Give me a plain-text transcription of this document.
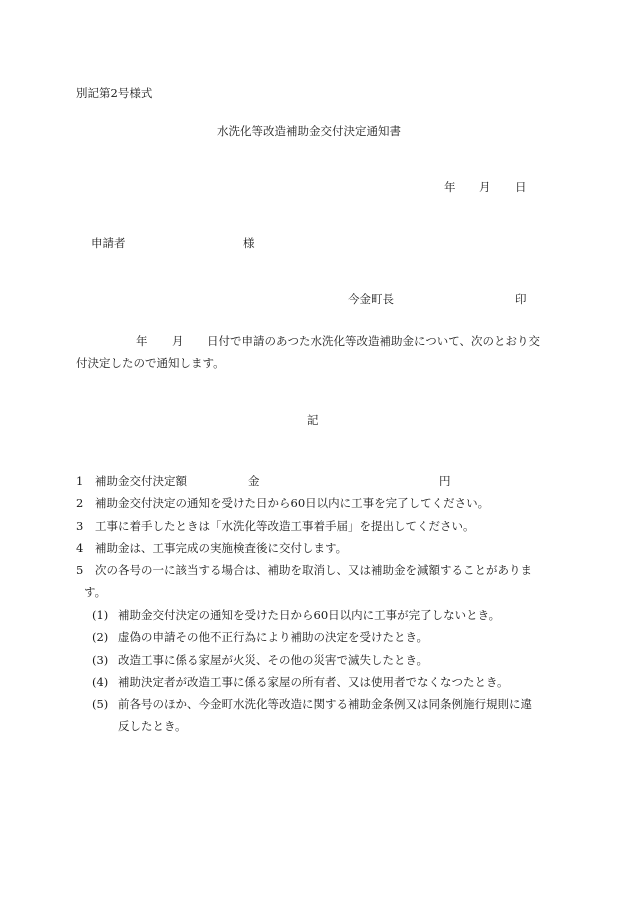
別記第2号様式
水洗化等改造補助金交付決定通知書
年 月 日
申請者	様
今金町長	印
年 月 日付で申請のあつた水洗化等改造補助金について、次のとおり交
付決定したので通知します。
記
1 補助金交付決定額	金	円
2 補助金交付決定の通知を受けた日から60日以内に工事を完了してください。
3 工事に着手したときは「水洗化等改造工事着手届」を提出してください。
4 補助金は、工事完成の実施検査後に交付します。
5 次の各号の一に該当する場合は、補助を取消し、又は補助金を減額することがありま
す。
(1) 補助金交付決定の通知を受けた日から60日以内に工事が完了しないとき。
(2) 虚偽の申請その他不正行為により補助の決定を受けたとき。
(3) 改造工事に係る家屋が火災、その他の災害で滅失したとき。
(4) 補助決定者が改造工事に係る家屋の所有者、又は使用者でなくなつたとき。
(5) 前各号のほか、今金町水洗化等改造に関する補助金条例又は同条例施行規則に違
反したとき。
